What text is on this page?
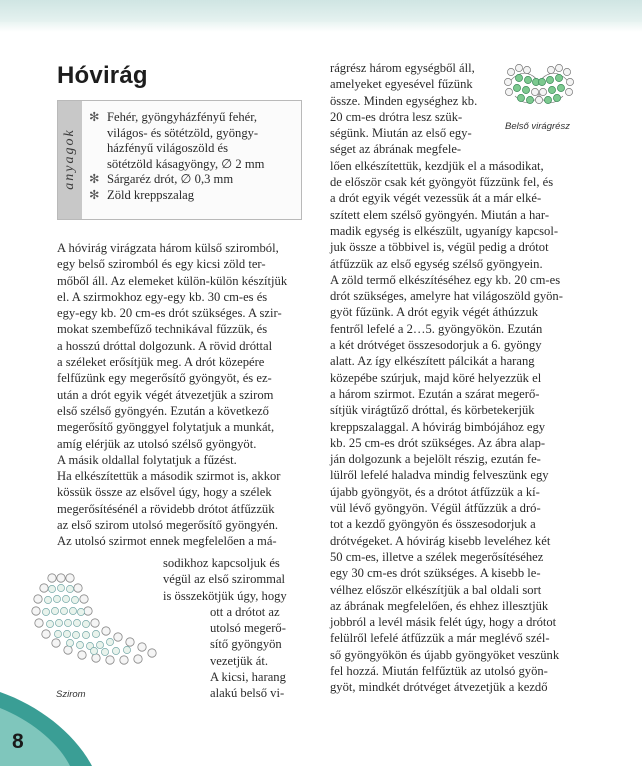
8
Hóvirág
anyagok
✻ Fehér, gyöngyházfényű fehér,
világos- és sötétzöld, gyöngy-
házfényű világoszöld és
sötétzöld kásagyöngy, ∅ 2 mm
✻ Sárgaréz drót, ∅ 0,3 mm
✻ Zöld kreppszalag

A hóvirág virágzata három külső sziromból,

egy belső sziromból és egy kicsi zöld ter-

mőből áll. Az elemeket külön-külön készítjük

el. A szirmokhoz egy-egy kb. 30 cm-es és

egy-egy kb. 20 cm-es drót szükséges. A szir-

mokat szembefűző technikával fűzzük, és

a hosszú dróttal dolgozunk. A rövid dróttal

a széleket erősítjük meg. A drót közepére

felfűzünk egy megerősítő gyöngyöt, és ez-

után a drót egyik végét átvezetjük a szirom

első szélső gyöngyén. Ezután a következő

megerősítő gyönggyel folytatjuk a munkát,

amíg elérjük az utolsó szélső gyöngyöt.

A másik oldallal folytatjuk a fűzést.

Ha elkészítettük a második szirmot is, akkor

kössük össze az elsővel úgy, hogy a szélek

megerősítésénél a rövidebb drótot átfűzzük

az első szirom utolsó megerősítő gyöngyén.

Az utolsó szirmot ennek megfelelően a má-

Szirom

sodikhoz kapcsoljuk és

végül az első szirommal

is összekötjük úgy, hogy

ott a drótot az

utolsó megerő-

sítő gyöngyön

vezetjük át.

A kicsi, harang

alakú belső vi-

Belső virágrész

rágrész három egységből áll,

amelyeket egyesével fűzünk

össze. Minden egységhez kb.

20 cm-es drótra lesz szük-

ségünk. Miután az első egy-

séget az ábrának megfele-

lően elkészítettük, kezdjük el a másodikat,

de először csak két gyöngyöt fűzzünk fel, és

a drót egyik végét vezessük át a már elké-

szített elem szélső gyöngyén. Miután a har-

madik egység is elkészült, ugyanígy kapcsol-

juk össze a többivel is, végül pedig a drótot

átfűzzük az első egység szélső gyöngyein.

A zöld termő elkészítéséhez egy kb. 20 cm-es

drót szükséges, amelyre hat világoszöld gyön-

gyöt fűzünk. A drót egyik végét áthúzzuk

fentről lefelé a 2…5. gyöngyökön. Ezután

a két drótvéget összesodorjuk a 6. gyöngy

alatt. Az így elkészített pálcikát a harang

közepébe szúrjuk, majd köré helyezzük el

a három szirmot. Ezután a szárat megerő-

sítjük virágtűző dróttal, és körbetekerjük

kreppszalaggal. A hóvirág bimbójához egy

kb. 25 cm-es drót szükséges. Az ábra alap-

ján dolgozunk a bejelölt részig, ezután fe-

lülről lefelé haladva mindig felveszünk egy

újabb gyöngyöt, és a drótot átfűzzük a kí-

vül lévő gyöngyön. Végül átfűzzük a dró-

tot a kezdő gyöngyön és összesodorjuk a

drótvégeket. A hóvirág kisebb leveléhez két

50 cm-es, illetve a szélek megerősítéséhez

egy 30 cm-es drót szükséges. A kisebb le-

vélhez először elkészítjük a bal oldali sort

az ábrának megfelelően, és ehhez illesztjük

jobbról a levél másik felét úgy, hogy a drótot

felülről lefelé átfűzzük a már meglévő szél-

ső gyöngyökön és újabb gyöngyöket veszünk

fel hozzá. Miután felfűztük az utolsó gyön-

gyöt, mindkét drótvéget átvezetjük a kezdő
